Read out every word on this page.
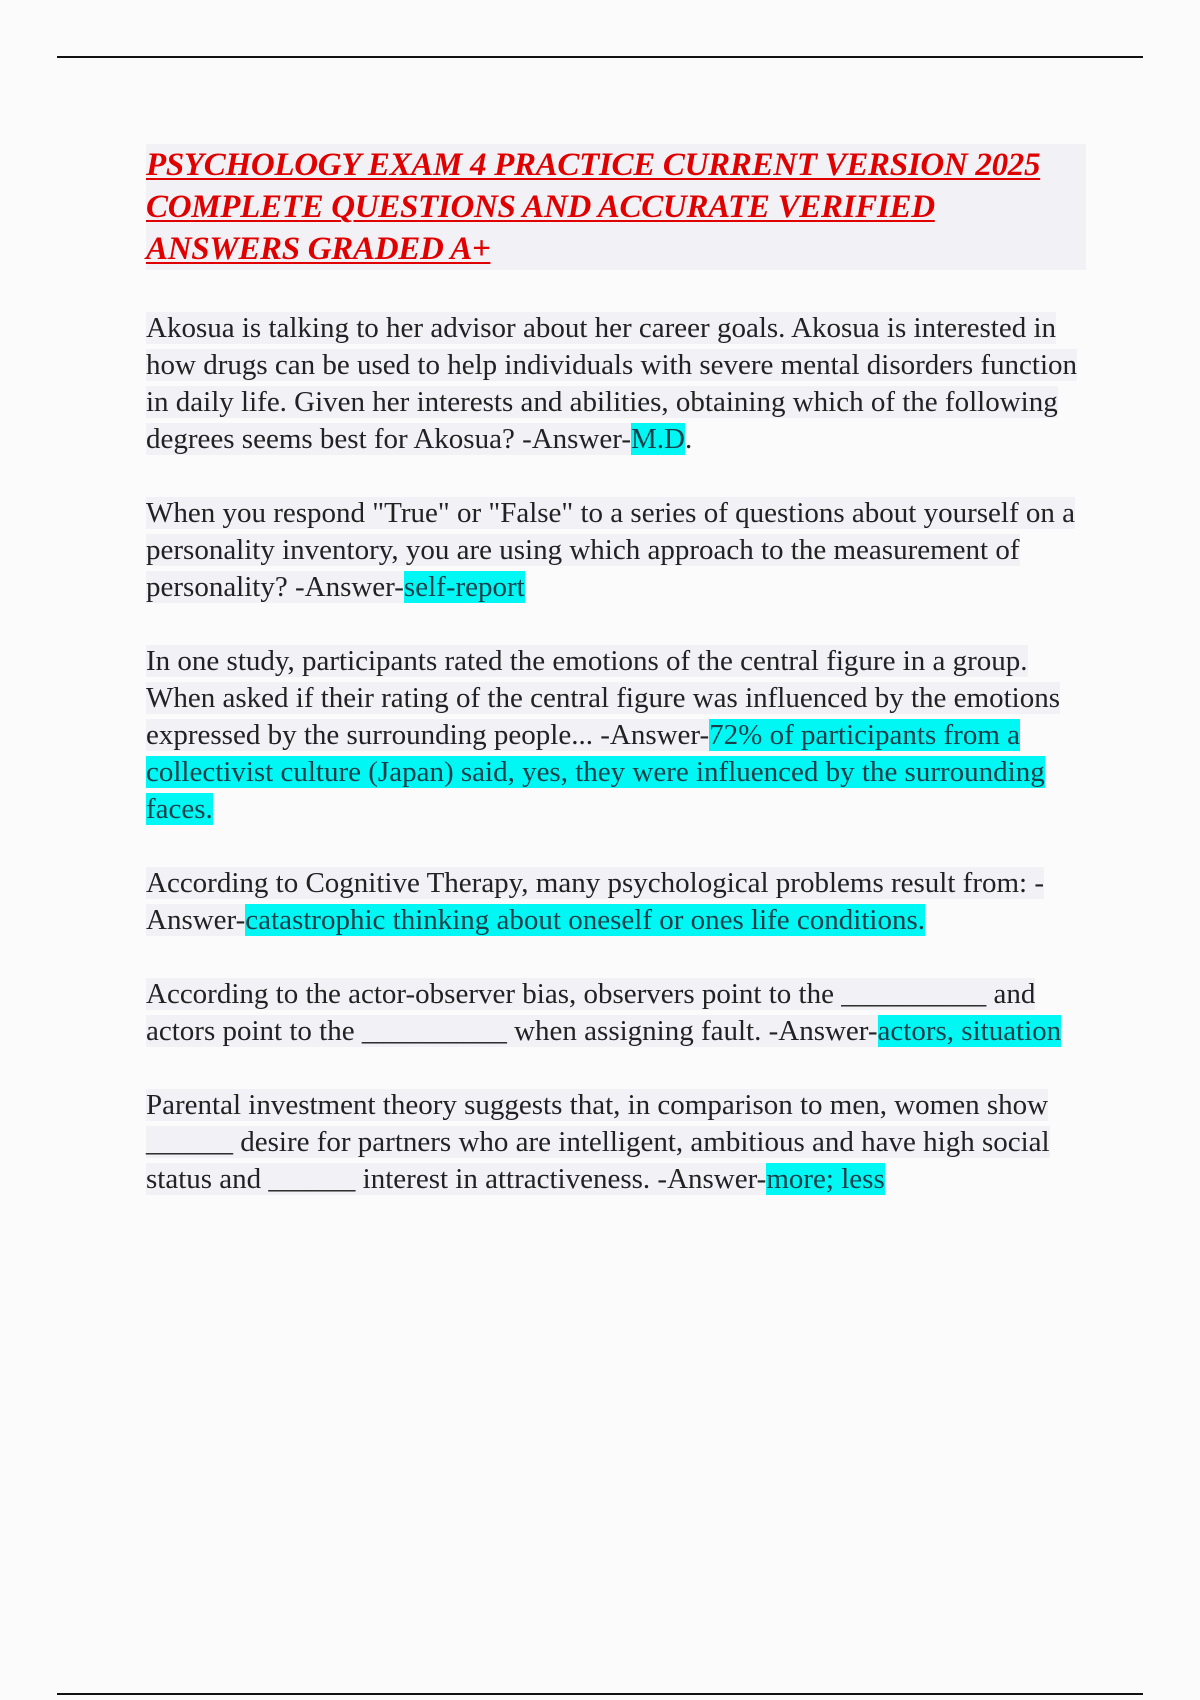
PSYCHOLOGY EXAM 4 PRACTICE CURRENT VERSION 2025 COMPLETE QUESTIONS AND ACCURATE VERIFIED ANSWERS GRADED A+

Akosua is talking to her advisor about her career goals. Akosua is interested in how drugs can be used to help individuals with severe mental disorders function in daily life. Given her interests and abilities, obtaining which of the following degrees seems best for Akosua? -Answer-M.D.

When you respond "True" or "False" to a series of questions about yourself on a personality inventory, you are using which approach to the measurement of personality? -Answer-self-report

In one study, participants rated the emotions of the central figure in a group. When asked if their rating of the central figure was influenced by the emotions expressed by the surrounding people... -Answer-72% of participants from a collectivist culture (Japan) said, yes, they were influenced by the surrounding faces.

According to Cognitive Therapy, many psychological problems result from: -Answer-catastrophic thinking about oneself or ones life conditions.

According to the actor-observer bias, observers point to the __________ and actors point to the __________ when assigning fault. -Answer-actors, situation

Parental investment theory suggests that, in comparison to men, women show ______ desire for partners who are intelligent, ambitious and have high social status and ______ interest in attractiveness. -Answer-more; less
